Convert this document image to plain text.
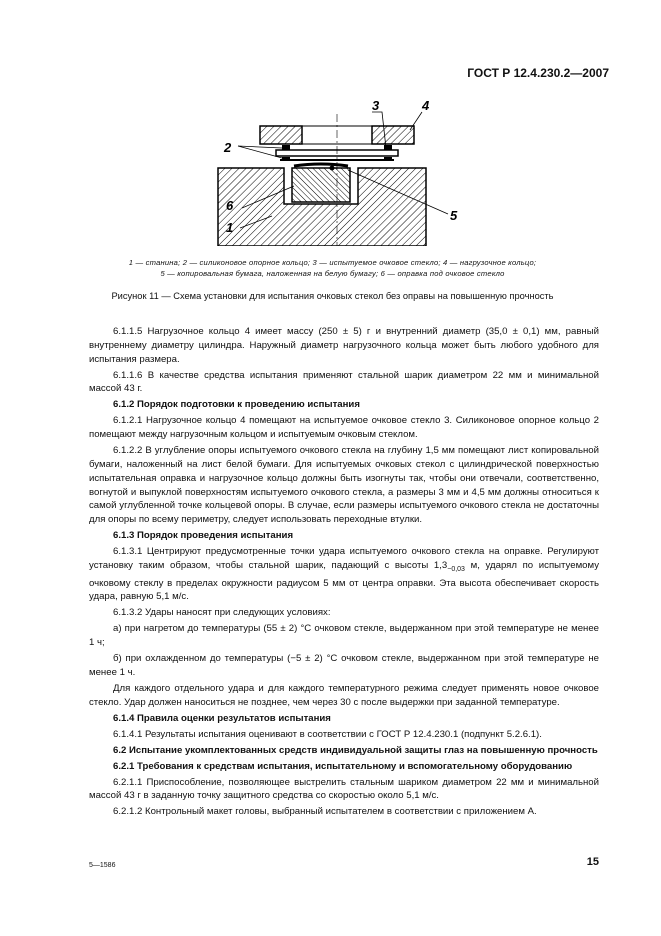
ГОСТ Р 12.4.230.2—2007
3	4
2
6
1
5
1 — станина; 2 — силиконовое опорное кольцо; 3 — испытуемое очковое стекло; 4 — нагрузочное кольцо;
5 — копировальная бумага, наложенная на белую бумагу; 6 — оправка под очковое стекло
Рисунок 11 — Схема установки для испытания очковых стекол без оправы на повышенную прочность

6.1.1.5 Нагрузочное кольцо 4 имеет массу (250 ± 5) г и внутренний диаметр (35,0 ± 0,1) мм, равный внутреннему диаметру цилиндра. Наружный диаметр нагрузочного кольца может быть любого удобного для испытания размера.

6.1.1.6 В качестве средства испытания применяют стальной шарик диаметром 22 мм и минимальной массой 43 г.

6.1.2 Порядок подготовки к проведению испытания

6.1.2.1 Нагрузочное кольцо 4 помещают на испытуемое очковое стекло 3. Силиконовое опорное кольцо 2 помещают между нагрузочным кольцом и испытуемым очковым стеклом.

6.1.2.2 В углубление опоры испытуемого очкового стекла на глубину 1,5 мм помещают лист копировальной бумаги, наложенный на лист белой бумаги. Для испытуемых очковых стекол с цилиндрической поверхностью испытательная оправка и нагрузочное кольцо должны быть изогнуты так, чтобы они отвечали, соответственно, вогнутой и выпуклой поверхностям испытуемого очкового стекла, а размеры 3 мм и 4,5 мм должны относиться к самой углубленной точке кольцевой опоры. В случае, если размеры испытуемого очкового стекла не достаточны для опоры по всему периметру, следует использовать переходные втулки.

6.1.3 Порядок проведения испытания

6.1.3.1 Центрируют предусмотренные точки удара испытуемого очкового стекла на оправке. Регулируют установку таким образом, чтобы стальной шарик, падающий с высоты $1,3_{-0,03}$ м, ударял по испытуемому очковому стеклу в пределах окружности радиусом 5 мм от центра оправки. Эта высота обеспечивает скорость удара, равную 5,1 м/с.

6.1.3.2 Удары наносят при следующих условиях:

а) при нагретом до температуры (55 ± 2) °С очковом стекле, выдержанном при этой температуре не менее 1 ч;

б) при охлажденном до температуры (−5 ± 2) °С очковом стекле, выдержанном при этой температуре не менее 1 ч.

Для каждого отдельного удара и для каждого температурного режима следует применять новое очковое стекло. Удар должен наноситься не позднее, чем через 30 с после выдержки при заданной температуре.

6.1.4 Правила оценки результатов испытания

6.1.4.1 Результаты испытания оценивают в соответствии с ГОСТ Р 12.4.230.1 (подпункт 5.2.6.1).

6.2 Испытание укомплектованных средств индивидуальной защиты глаз на повышенную прочность

6.2.1 Требования к средствам испытания, испытательному и вспомогательному оборудованию

6.2.1.1 Приспособление, позволяющее выстрелить стальным шариком диаметром 22 мм и минимальной массой 43 г в заданную точку защитного средства со скоростью около 5,1 м/с.

6.2.1.2 Контрольный макет головы, выбранный испытателем в соответствии с приложением А.

5—1586	15
